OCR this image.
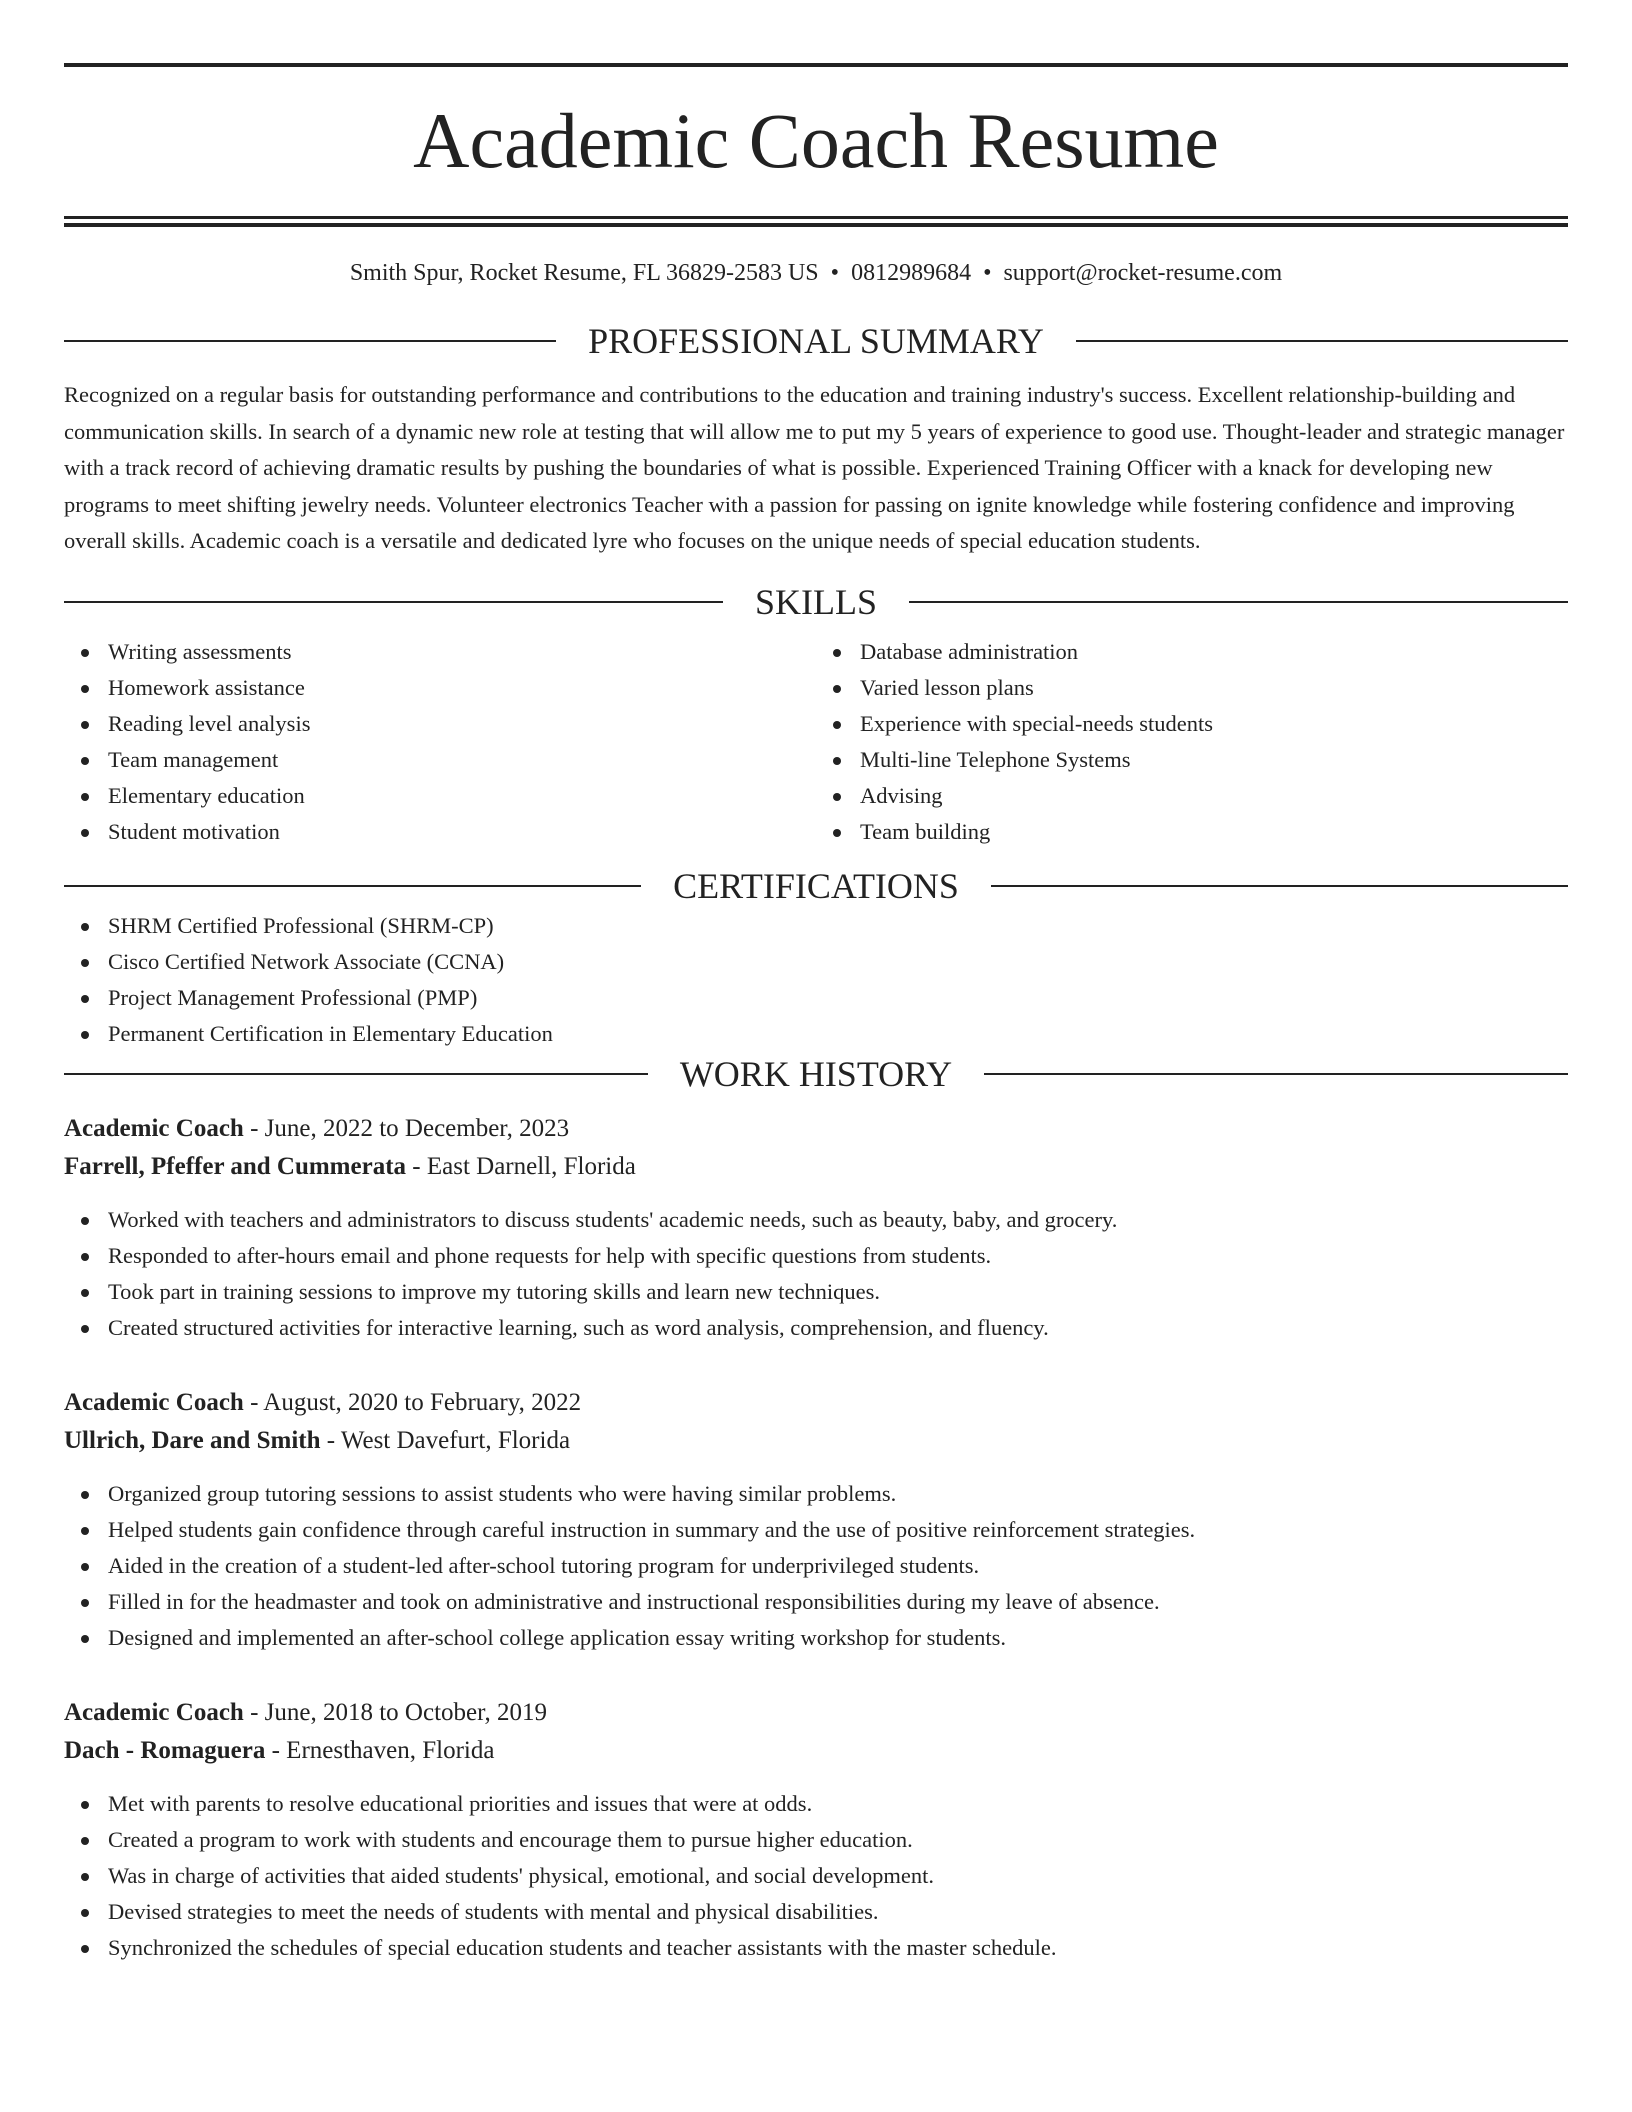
Academic Coach Resume
Smith Spur, Rocket Resume, FL 36829-2583 US • 0812989684 • support@rocket-resume.com
PROFESSIONAL SUMMARY

Recognized on a regular basis for outstanding performance and contributions to the education and training industry's success. Excellent relationship-building and communication skills. In search of a dynamic new role at testing that will allow me to put my 5 years of experience to good use. Thought-leader and strategic manager with a track record of achieving dramatic results by pushing the boundaries of what is possible. Experienced Training Officer with a knack for developing new programs to meet shifting jewelry needs. Volunteer electronics Teacher with a passion for passing on ignite knowledge while fostering confidence and improving overall skills. Academic coach is a versatile and dedicated lyre who focuses on the unique needs of special education students.

SKILLS
Writing assessments
Homework assistance
Reading level analysis
Team management
Elementary education
Student motivation
Database administration
Varied lesson plans
Experience with special-needs students
Multi-line Telephone Systems
Advising
Team building
CERTIFICATIONS
SHRM Certified Professional (SHRM-CP)
Cisco Certified Network Associate (CCNA)
Project Management Professional (PMP)
Permanent Certification in Elementary Education
WORK HISTORY
Academic Coach - June, 2022 to December, 2023
Farrell, Pfeffer and Cummerata - East Darnell, Florida
Worked with teachers and administrators to discuss students' academic needs, such as beauty, baby, and grocery.
Responded to after-hours email and phone requests for help with specific questions from students.
Took part in training sessions to improve my tutoring skills and learn new techniques.
Created structured activities for interactive learning, such as word analysis, comprehension, and fluency.
Academic Coach - August, 2020 to February, 2022
Ullrich, Dare and Smith - West Davefurt, Florida
Organized group tutoring sessions to assist students who were having similar problems.
Helped students gain confidence through careful instruction in summary and the use of positive reinforcement strategies.
Aided in the creation of a student-led after-school tutoring program for underprivileged students.
Filled in for the headmaster and took on administrative and instructional responsibilities during my leave of absence.
Designed and implemented an after-school college application essay writing workshop for students.
Academic Coach - June, 2018 to October, 2019
Dach - Romaguera - Ernesthaven, Florida
Met with parents to resolve educational priorities and issues that were at odds.
Created a program to work with students and encourage them to pursue higher education.
Was in charge of activities that aided students' physical, emotional, and social development.
Devised strategies to meet the needs of students with mental and physical disabilities.
Synchronized the schedules of special education students and teacher assistants with the master schedule.
